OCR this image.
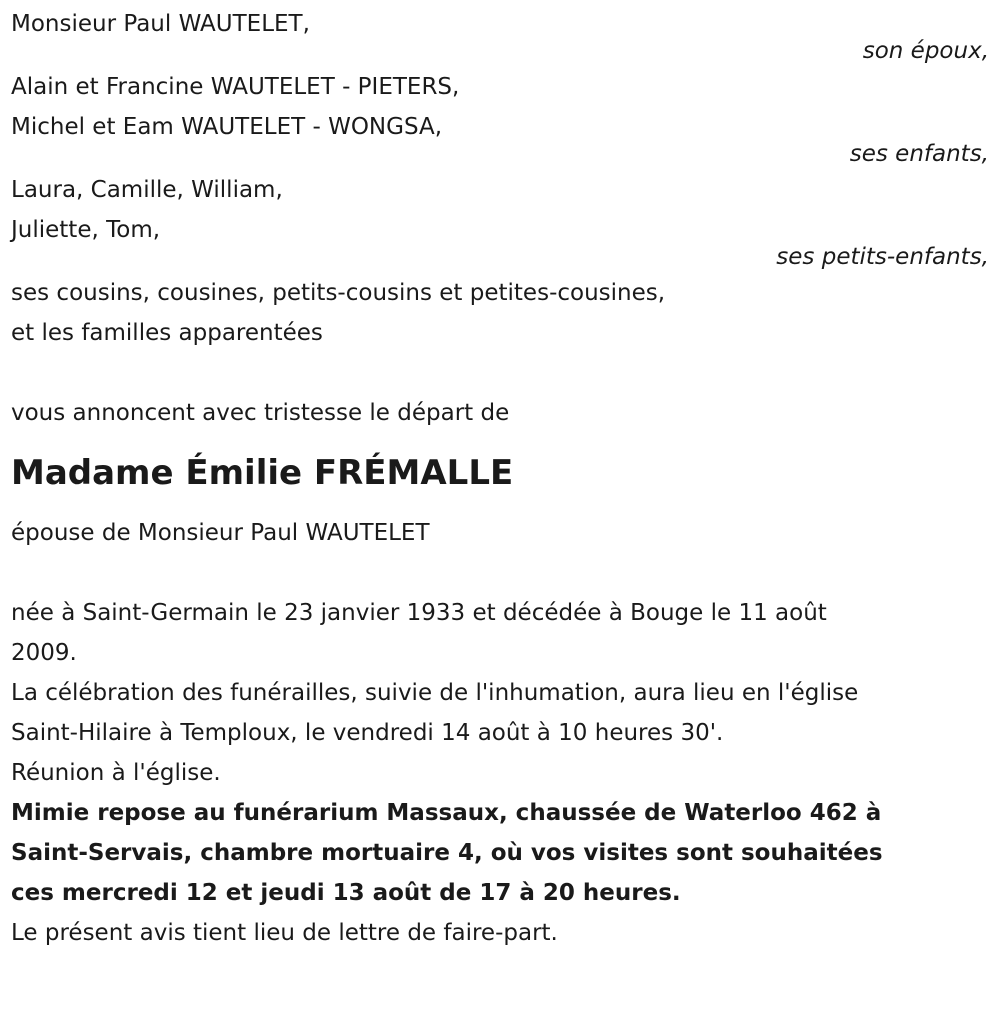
Monsieur Paul WAUTELET,
son époux,
Alain et Francine WAUTELET - PIETERS,
Michel et Eam WAUTELET - WONGSA,
ses enfants,
Laura, Camille, William,
Juliette, Tom,
ses petits-enfants,
ses cousins, cousines, petits-cousins et petites-cousines,
et les familles apparentées
vous annoncent avec tristesse le départ de
Madame Émilie FRÉMALLE
épouse de Monsieur Paul WAUTELET
née à Saint-Germain le 23 janvier 1933 et décédée à Bouge le 11 août
2009.
La célébration des funérailles, suivie de l'inhumation, aura lieu en l'église
Saint-Hilaire à Temploux, le vendredi 14 août à 10 heures 30'.
Réunion à l'église.
Mimie repose au funérarium Massaux, chaussée de Waterloo 462 à
Saint-Servais, chambre mortuaire 4, où vos visites sont souhaitées
ces mercredi 12 et jeudi 13 août de 17 à 20 heures.
Le présent avis tient lieu de lettre de faire-part.
